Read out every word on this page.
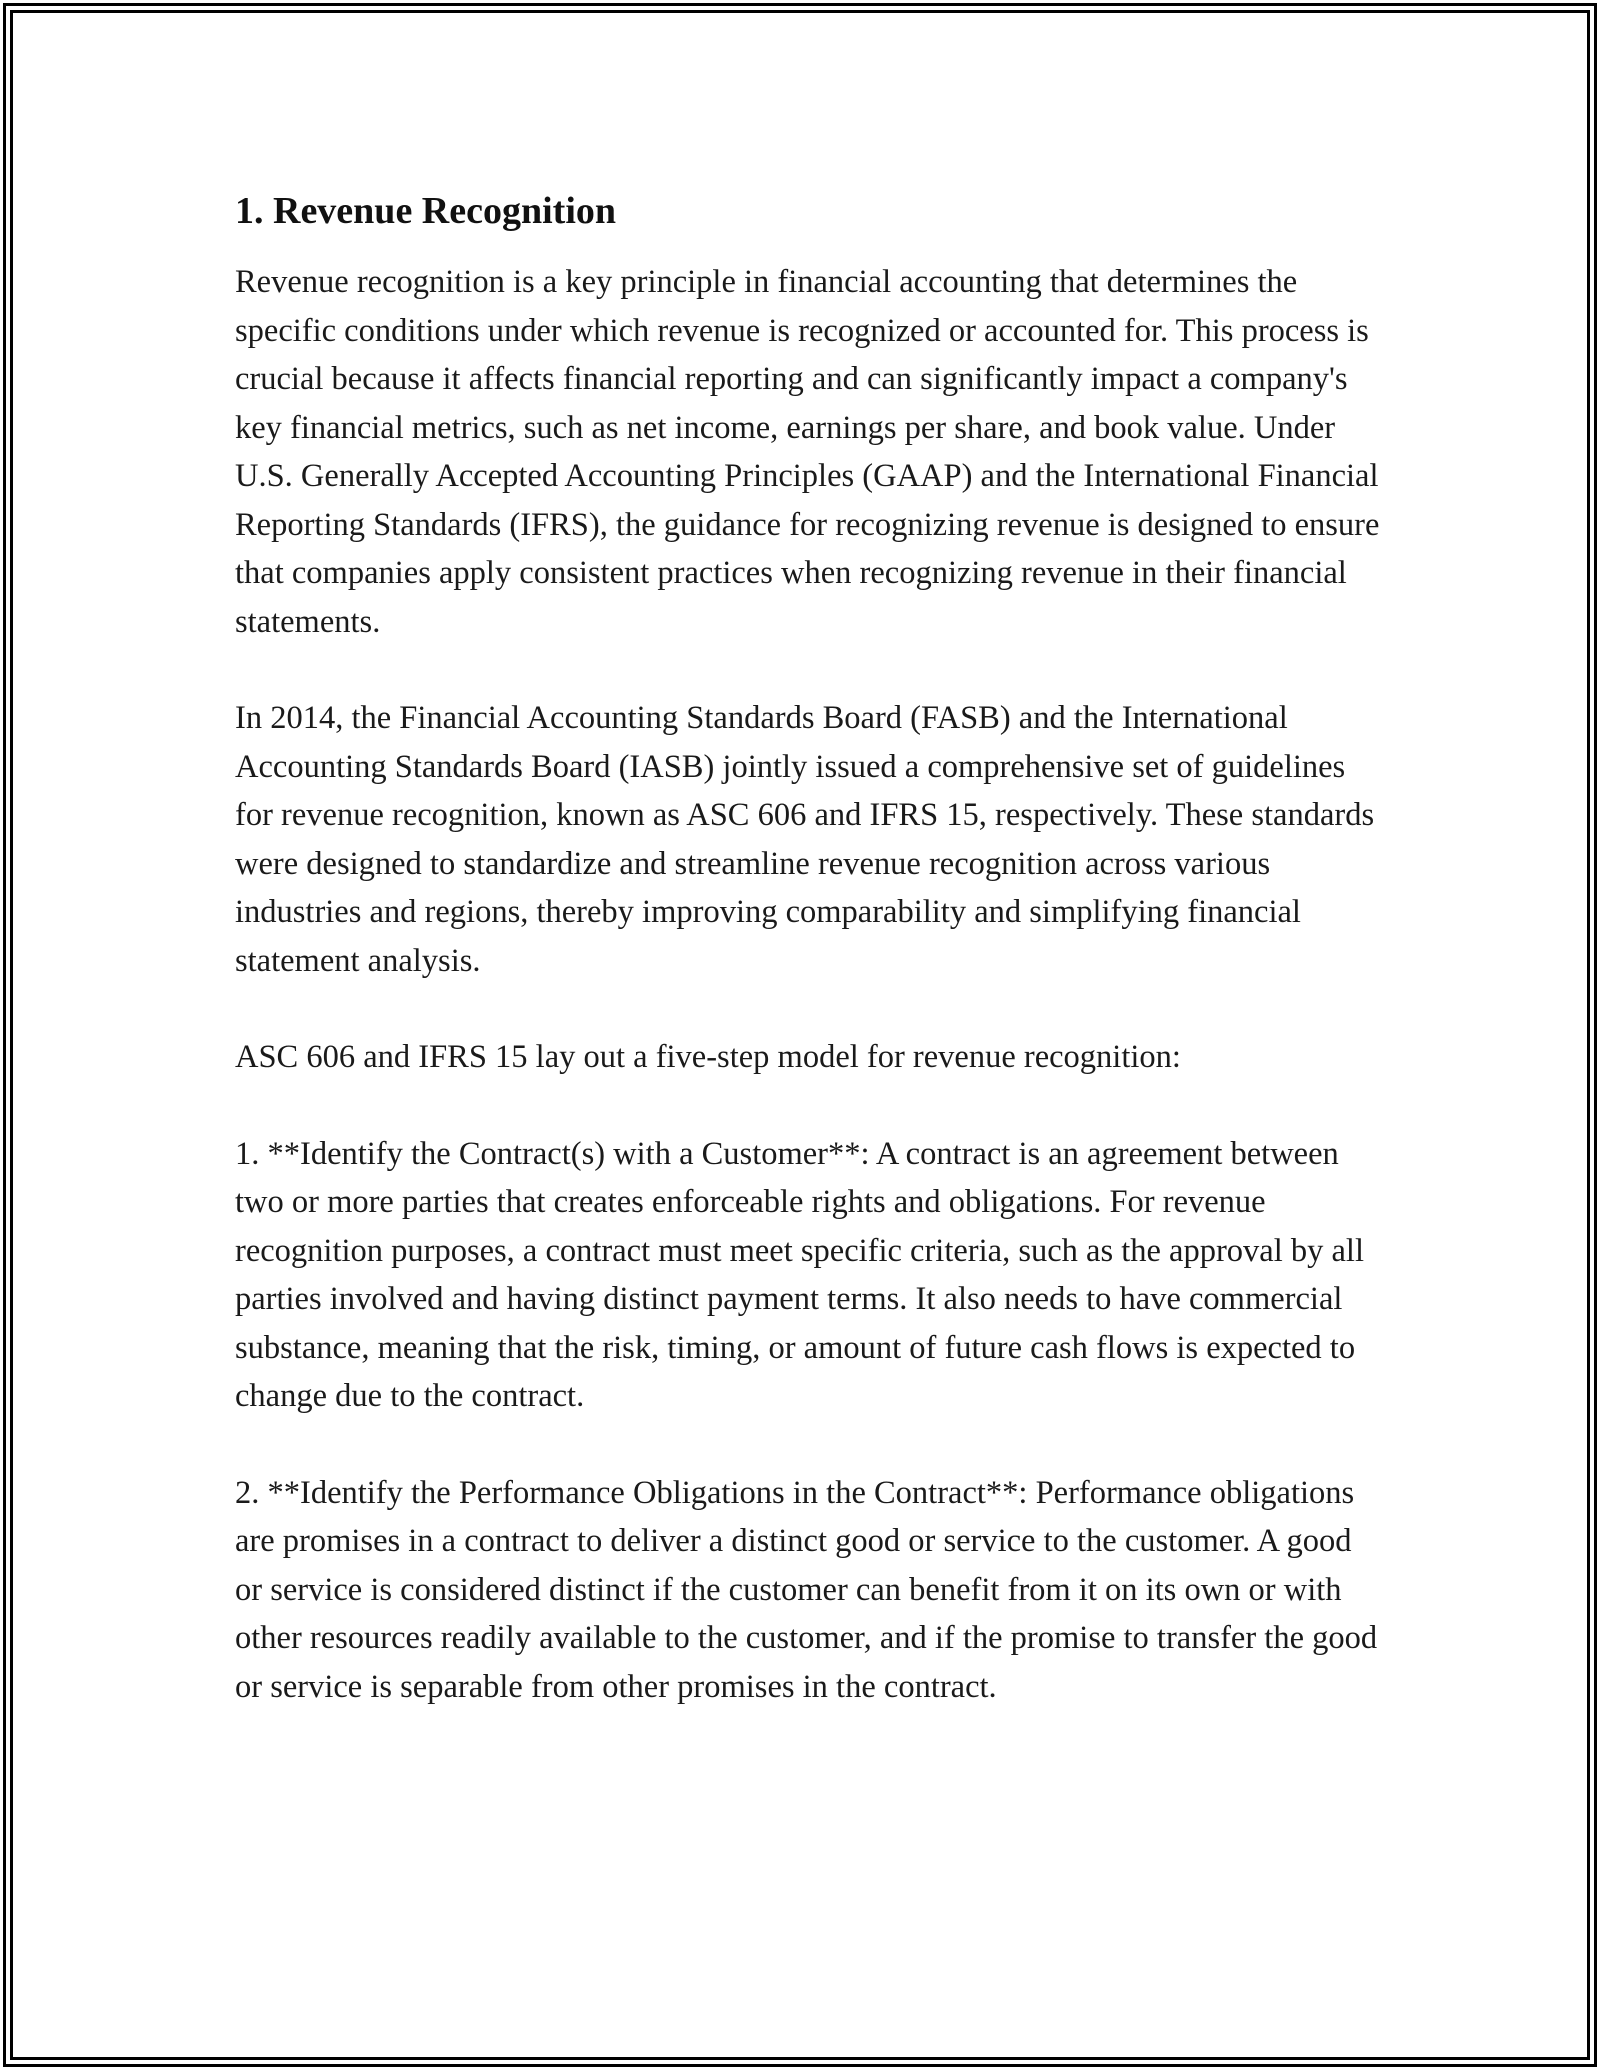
1. Revenue Recognition

Revenue recognition is a key principle in financial accounting that determines the specific conditions under which revenue is recognized or accounted for. This process is crucial because it affects financial reporting and can significantly impact a company's key financial metrics, such as net income, earnings per share, and book value. Under U.S. Generally Accepted Accounting Principles (GAAP) and the International Financial Reporting Standards (IFRS), the guidance for recognizing revenue is designed to ensure that companies apply consistent practices when recognizing revenue in their financial statements.

In 2014, the Financial Accounting Standards Board (FASB) and the International Accounting Standards Board (IASB) jointly issued a comprehensive set of guidelines for revenue recognition, known as ASC 606 and IFRS 15, respectively. These standards were designed to standardize and streamline revenue recognition across various industries and regions, thereby improving comparability and simplifying financial statement analysis.

ASC 606 and IFRS 15 lay out a five-step model for revenue recognition:

1. **Identify the Contract(s) with a Customer**: A contract is an agreement between two or more parties that creates enforceable rights and obligations. For revenue recognition purposes, a contract must meet specific criteria, such as the approval by all parties involved and having distinct payment terms. It also needs to have commercial substance, meaning that the risk, timing, or amount of future cash flows is expected to change due to the contract.

2. **Identify the Performance Obligations in the Contract**: Performance obligations are promises in a contract to deliver a distinct good or service to the customer. A good or service is considered distinct if the customer can benefit from it on its own or with other resources readily available to the customer, and if the promise to transfer the good or service is separable from other promises in the contract.
